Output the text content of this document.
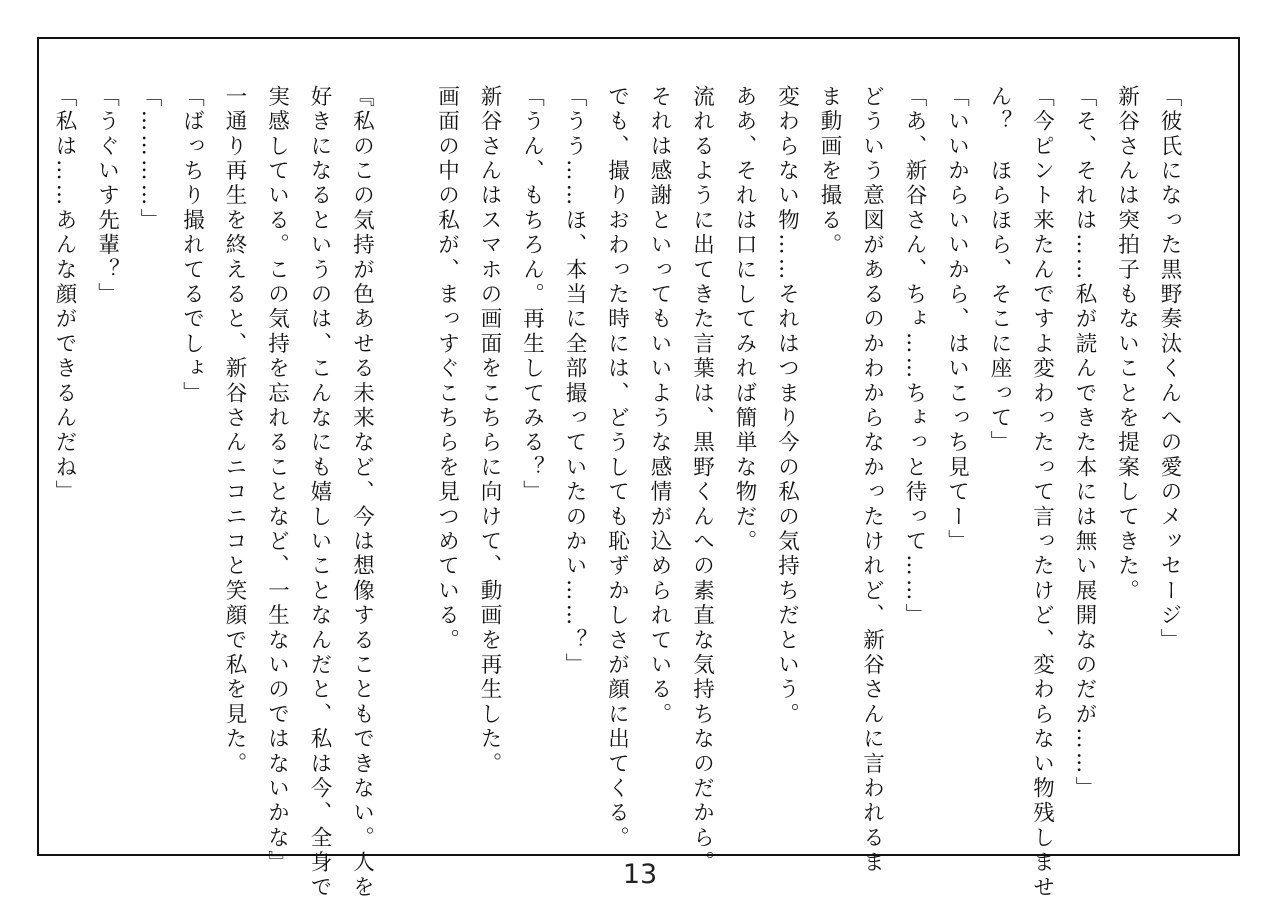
「彼氏になった黒野奏汰くんへの愛のメッセージ」
新谷さんは突拍子もないことを提案してきた。
「そ、それは……私が読んできた本には無い展開なのだが……」
「今ピント来たんですよ変わったって言ったけど、変わらない物残しませ
ん？　ほらほら、そこに座って」
「いいからいいから、はいこっち見てー」
「あ、新谷さん、ちょ……ちょっと待って……」
どういう意図があるのかわからなかったけれど、新谷さんに言われるま
ま動画を撮る。
変わらない物……それはつまり今の私の気持ちだという。
ああ、それは口にしてみれば簡単な物だ。
流れるように出てきた言葉は、黒野くんへの素直な気持ちなのだから。
それは感謝といってもいいような感情が込められている。
でも、撮りおわった時には、どうしても恥ずかしさが顔に出てくる。
「うう……ほ、本当に全部撮っていたのかい……？」
「うん、もちろん。再生してみる？」
新谷さんはスマホの画面をこちらに向けて、動画を再生した。
画面の中の私が、まっすぐこちらを見つめている。
『私のこの気持が色あせる未来など、今は想像することもできない。人を
好きになるというのは、こんなにも嬉しいことなんだと、私は今、全身で
実感している。この気持を忘れることなど、一生ないのではないかな』
一通り再生を終えると、新谷さんニコニコと笑顔で私を見た。
「ばっちり撮れてるでしょ」
「…………」
「うぐいす先輩？」
「私は……あんな顔ができるんだね」
13
